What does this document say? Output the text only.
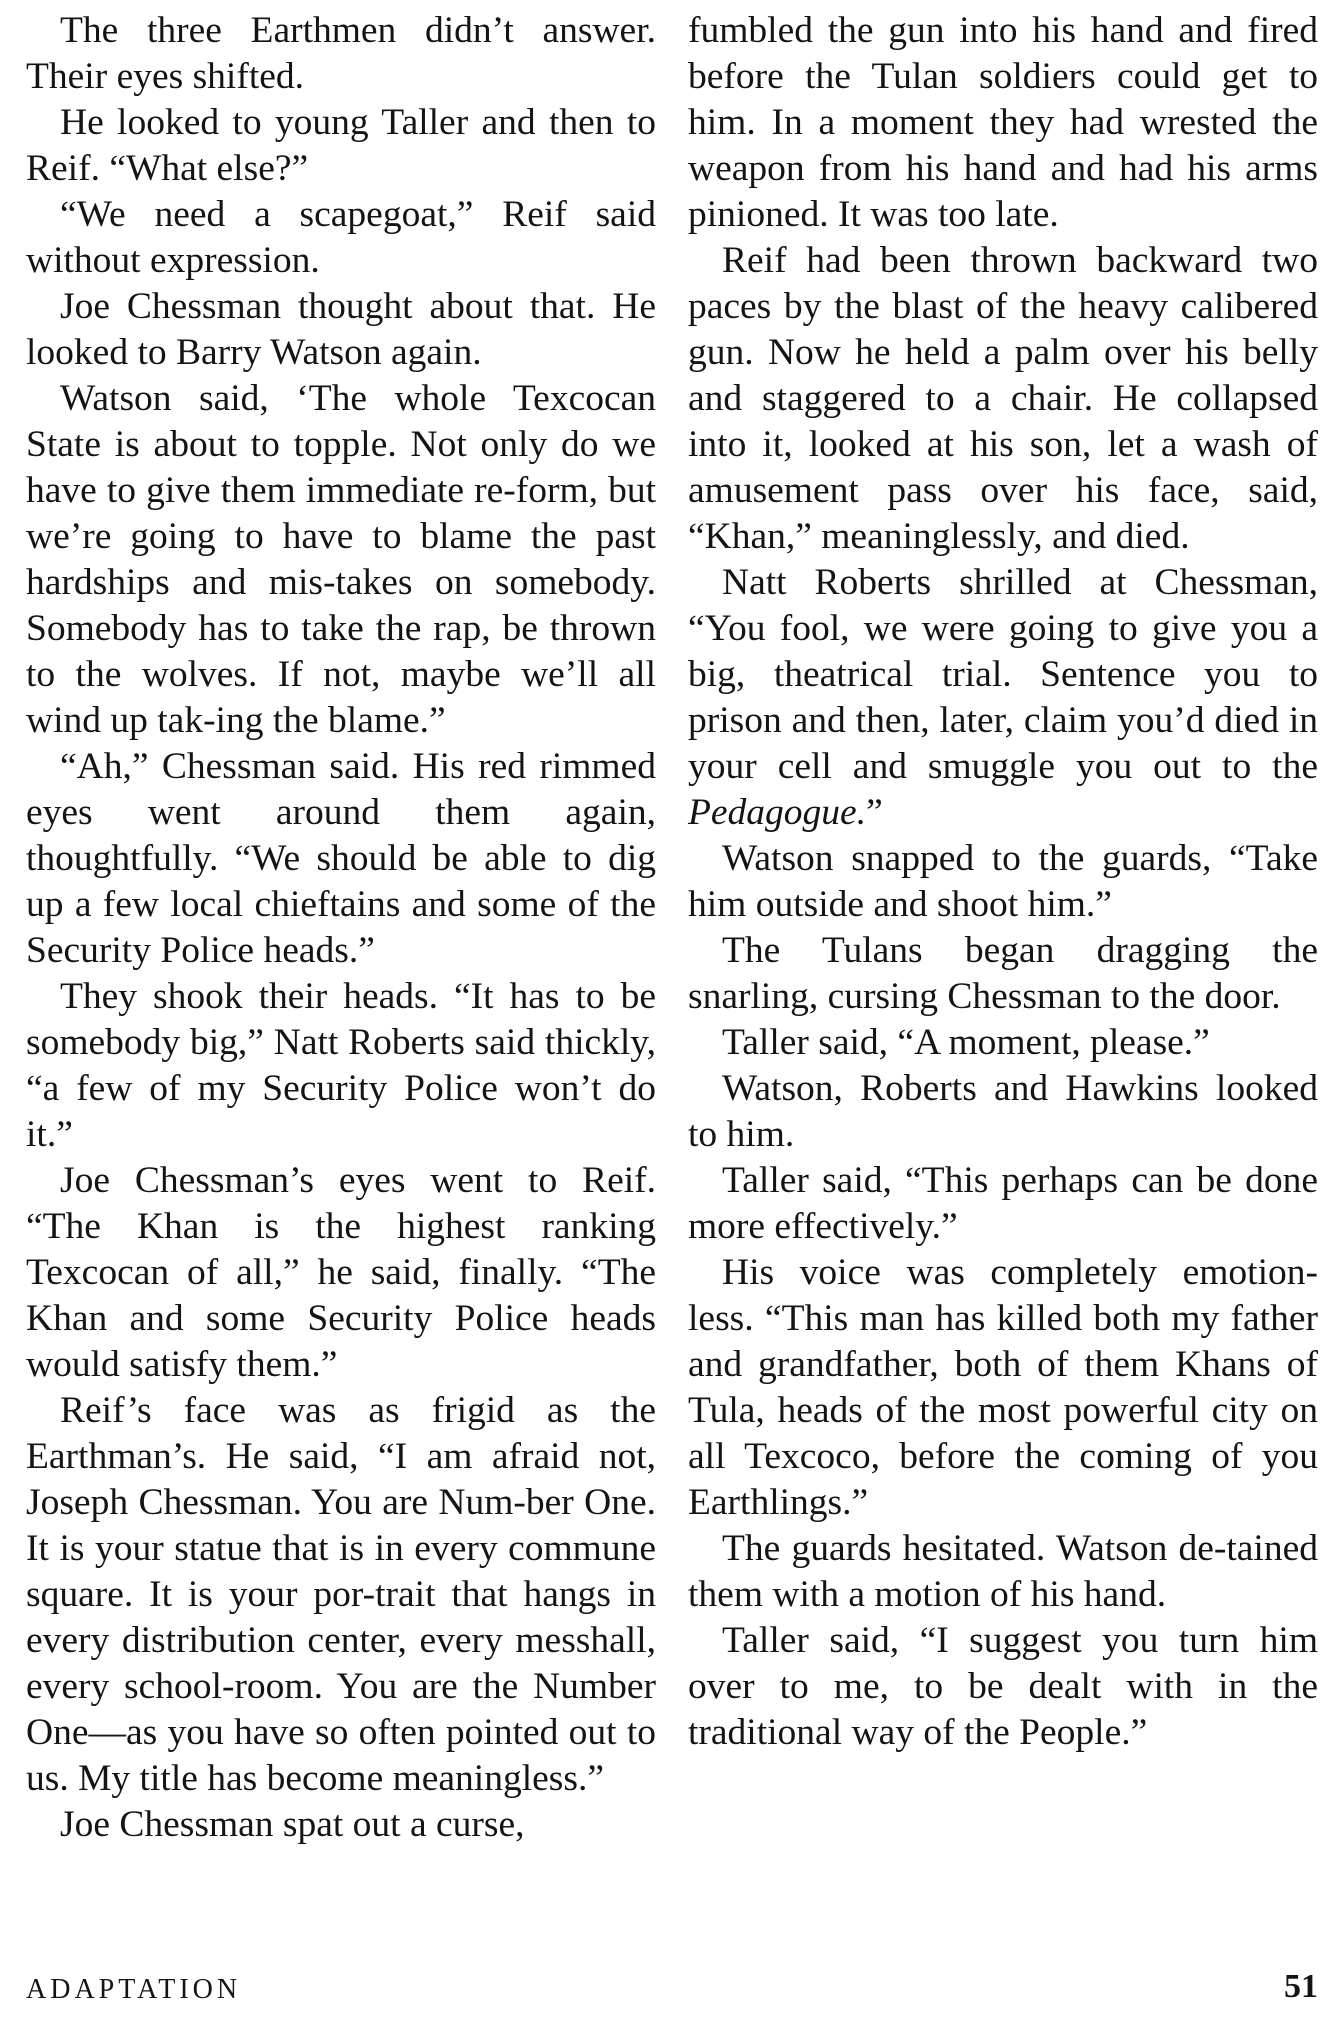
The three Earthmen didn’t answer. Their eyes shifted.

He looked to young Taller and then to Reif. “What else?”

“We need a scapegoat,” Reif said without expression.

Joe Chessman thought about that. He looked to Barry Watson again.

Watson said, ‘The whole Texcocan State is about to topple. Not only do we have to give them immediate re-form, but we’re going to have to blame the past hardships and mis-takes on somebody. Somebody has to take the rap, be thrown to the wolves. If not, maybe we’ll all wind up tak-ing the blame.”

“Ah,” Chessman said. His red rimmed eyes went around them again, thoughtfully. “We should be able to dig up a few local chieftains and some of the Security Police heads.”

They shook their heads. “It has to be somebody big,” Natt Roberts said thickly, “a few of my Security Police won’t do it.”

Joe Chessman’s eyes went to Reif. “The Khan is the highest ranking Texcocan of all,” he said, finally. “The Khan and some Security Police heads would satisfy them.”

Reif’s face was as frigid as the Earthman’s. He said, “I am afraid not, Joseph Chessman. You are Num-ber One. It is your statue that is in every commune square. It is your por-trait that hangs in every distribution center, every messhall, every school-room. You are the Number One—as you have so often pointed out to us. My title has become meaningless.”

Joe Chessman spat out a curse,

fumbled the gun into his hand and fired before the Tulan soldiers could get to him. In a moment they had wrested the weapon from his hand and had his arms pinioned. It was too late.

Reif had been thrown backward two paces by the blast of the heavy calibered gun. Now he held a palm over his belly and staggered to a chair. He collapsed into it, looked at his son, let a wash of amusement pass over his face, said, “Khan,” meaninglessly, and died.

Natt Roberts shrilled at Chessman, “You fool, we were going to give you a big, theatrical trial. Sentence you to prison and then, later, claim you’d died in your cell and smuggle you out to the Pedagogue.”

Watson snapped to the guards, “Take him outside and shoot him.”

The Tulans began dragging the snarling, cursing Chessman to the door.

Taller said, “A moment, please.”

Watson, Roberts and Hawkins looked to him.

Taller said, “This perhaps can be done more effectively.”

His voice was completely emotion-less. “This man has killed both my father and grandfather, both of them Khans of Tula, heads of the most powerful city on all Texcoco, before the coming of you Earthlings.”

The guards hesitated. Watson de-tained them with a motion of his hand.

Taller said, “I suggest you turn him over to me, to be dealt with in the traditional way of the People.”

ADAPTATION	51
